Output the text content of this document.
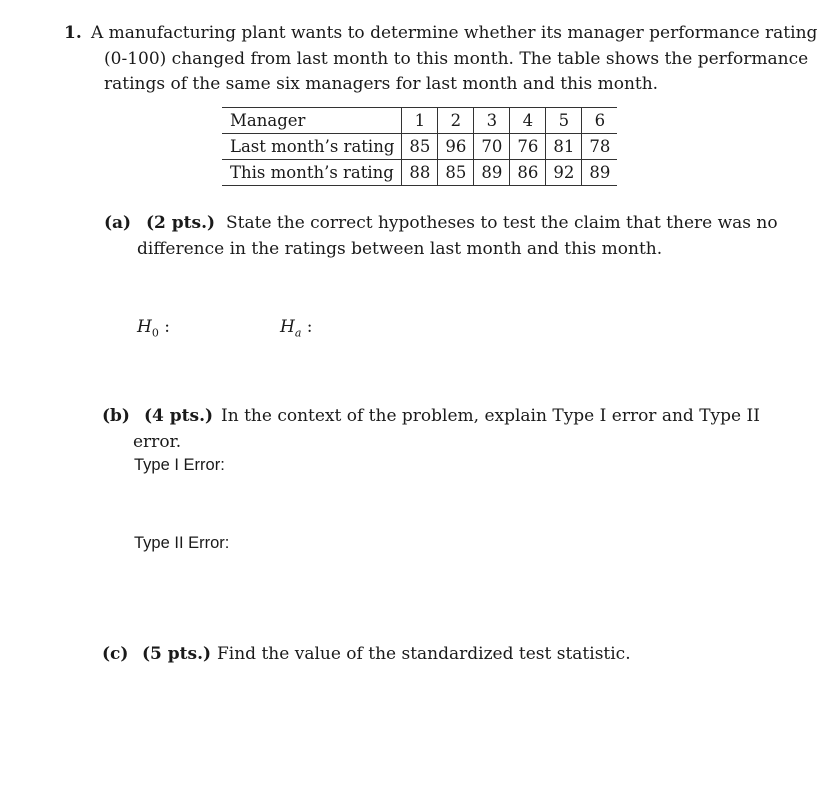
1. A manufacturing plant wants to determine whether its manager performance rating
(0-100) changed from last month to this month. The table shows the performance
ratings of the same six managers for last month and this month.
Manager	1	2	3	4	5	6
Last month’s rating	85	96	70	76	81	78
This month’s rating	88	85	89	86	92	89
(a) (2 pts.) State the correct hypotheses to test the claim that there was no
difference in the ratings between last month and this month.
$H_0$ :	$H_a$ :
(b) (4 pts.) In the context of the problem, explain Type I error and Type II
error.
Type I Error:
Type II Error:
(c) (5 pts.) Find the value of the standardized test statistic.
